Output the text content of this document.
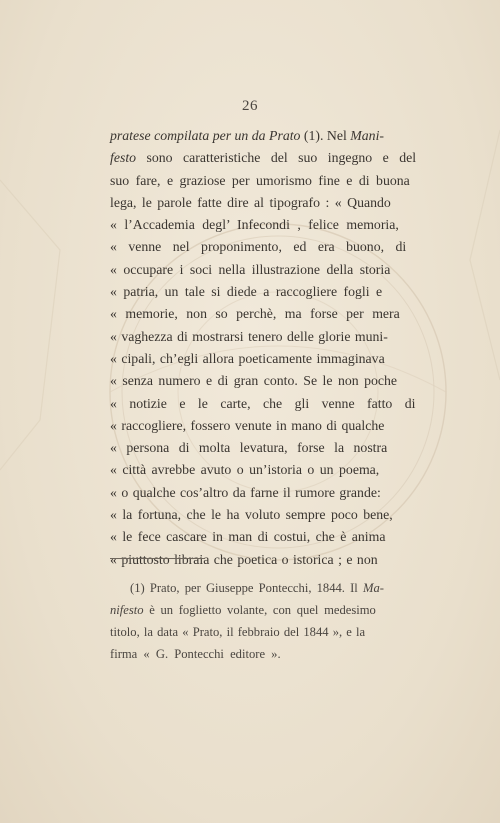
26
pratese compilata per un da Prato (1). Nel Mani-
festo sono caratteristiche del suo ingegno e del
suo fare, e graziose per umorismo fine e di buona
lega, le parole fatte dire al tipografo : « Quando
« l’Accademia degl’ Infecondi , felice memoria,
« venne nel proponimento, ed era buono, di
« occupare i soci nella illustrazione della storia
« patria, un tale si diede a raccogliere fogli e
« memorie, non so perchè, ma forse per mera
« vaghezza di mostrarsi tenero delle glorie muni-
« cipali, ch’egli allora poeticamente immaginava
« senza numero e di gran conto. Se le non poche
« notizie e le carte, che gli venne fatto di
« raccogliere, fossero venute in mano di qualche
« persona di molta levatura, forse la nostra
« città avrebbe avuto o un’istoria o un poema,
« o qualche cos’altro da farne il rumore grande:
« la fortuna, che le ha voluto sempre poco bene,
« le fece cascare in man di costui, che è anima
« piuttosto libraia che poetica o istorica ; e non
(1) Prato, per Giuseppe Pontecchi, 1844. Il Ma-
nifesto è un foglietto volante, con quel medesimo
titolo, la data « Prato, il febbraio del 1844 », e la
firma « G. Pontecchi editore ».
